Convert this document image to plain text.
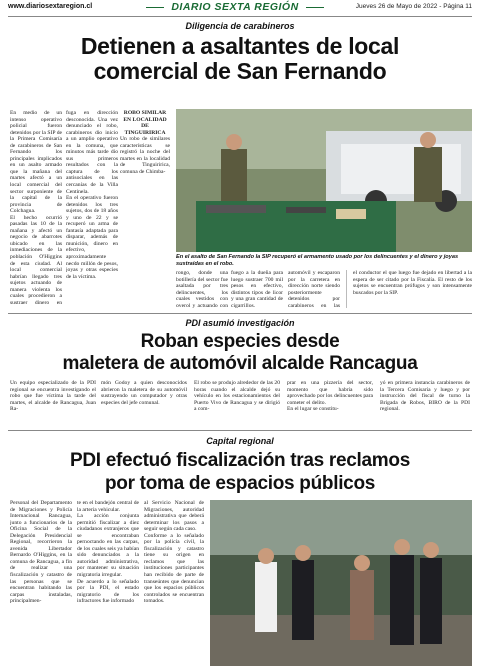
www.diariosextaregion.cl	DIARIO SEXTA REGIÓN	Jueves 26 de Mayo de 2022 - Página 11
Diligencia de carabineros
Detienen a asaltantes de local
comercial de San Fernando
En medio de un intenso operativo policial fueron detenidos por la SIP de la Primera Comisaría de carabineros de San Fernando los principales implicados en un asalto armado que la mañana del martes afectó a un local comercial del sector surponiente de la capital de la provincia de Colchagua.
El hecho ocurrió pasadas las 10 de la mañana y afectó un negocio de abarrotes ubicado en las inmediaciones de la población O'Higgins de esta ciudad. Al local comercial habrían llegado tres sujetos actuando de manera violenta los cuales procedieron a sustraer dinero en

fuga en dirección desconocida. Una vez denunciado el robo, carabineros dio inicio a un amplio operativo en la comuna, que minutos más tarde dio sus primeros resultados con la captura de los antisociales en las cercanías de la Villa Centinela.
En el operativo fueron detenidos los tres sujetos, dos de 18 años y uno de 22 y se recuperó un arma de fantasía adaptada para disparar, además de munición, dinero en efectivo, aproximadamente necdo millón de pesos, joyas y otras especies de la víctima.
ROBO SIMILAR EN LOCALIDAD DE TINGUIRIRICA
Un robo de similares características se registró la noche del martes en la localidad de Tinguiririca, comuna de Chimba-
En el asalto de San Fernando la SIP recuperó el armamento usado por los delincuentes y el dinero y joyas sustraídas en el robo.
rongo, donde una botillería del sector fue asaltada por tres delincuentes, los cuales vestidos con overol y actuando con
fuego a la dueña para luego sustraer 700 mil pesos en efectivo, distintos tipos de licor y una gran cantidad de cigarrillos.

automóvil y escaparon por la carretera en dirección norte siendo posteriormente detenidos por carabineros en las

el conductor el que luego fue dejado en libertad a la espera de ser citado por la Fiscalía. El resto de los sujetos se encuentran prófugos y son intensamente buscados por la SIP.
PDI asumió investigación
Roban especies desde
maletera de automóvil alcalde Rancagua
Un equipo especializado de la PDI regional se encuentra investigando el robo que fue víctima la tarde del martes, el alcalde de Rancagua, Juan Ra-
món Godoy a quien desconocidos abrieron la maletera de su automóvil sustrayendo un computador y otras especies del jefe comunal.
El robo se produjo alrededor de las 20 horas cuando el alcalde dejó su vehículo en los estacionamientos del Puerto Vivo de Rancagua y se dirigió a com-
prar en una pizzería del sector, momento que habría sido aprovechado por los delincuentes para cometer el delito.
En el lugar se constitu-
yó en primera instancia carabineros de la Tercera Comisaría y luego y por instrucción del fiscal de turno la Brigada de Robos, BIRO de la PDI regional.
Capital regional
PDI efectuó fiscalización tras reclamos
por toma de espacios públicos
Personal del Departamento de Migraciones y Policía Internacional Rancagua, junto a funcionarios de la Oficina Social de la Delegación Presidencial Regional, recorrieron la avenida Libertador Bernardo O'Higgins, en la comuna de Rancagua, a fin de realizar una fiscalización y catastro de las personas que se encuentran habitando las carpas instaladas, principalmen-
te en el bandejón central de la arteria vehicular.
La acción conjunta permitió fiscalizar a diez ciudadanos extranjeros que se encontraban pernoctando en las carpas, de los cuales seis ya habían sido denunciados a la autoridad administrativa, por mantener su situación migratoria irregular.
De acuerdo a lo señalado por la PDI, el estado migratorio de los infractores fue informado
al Servicio Nacional de Migraciones, autoridad administrativa que deberá determinar los pasos a seguir según cada caso.
Conforme a lo señalado por la policía civil, la fiscalización y catastro tiene su origen en reclamos que las instituciones participantes han recibido de parte de transeúntes que denuncian que los espacios públicos controlados se encuentran tomados.
